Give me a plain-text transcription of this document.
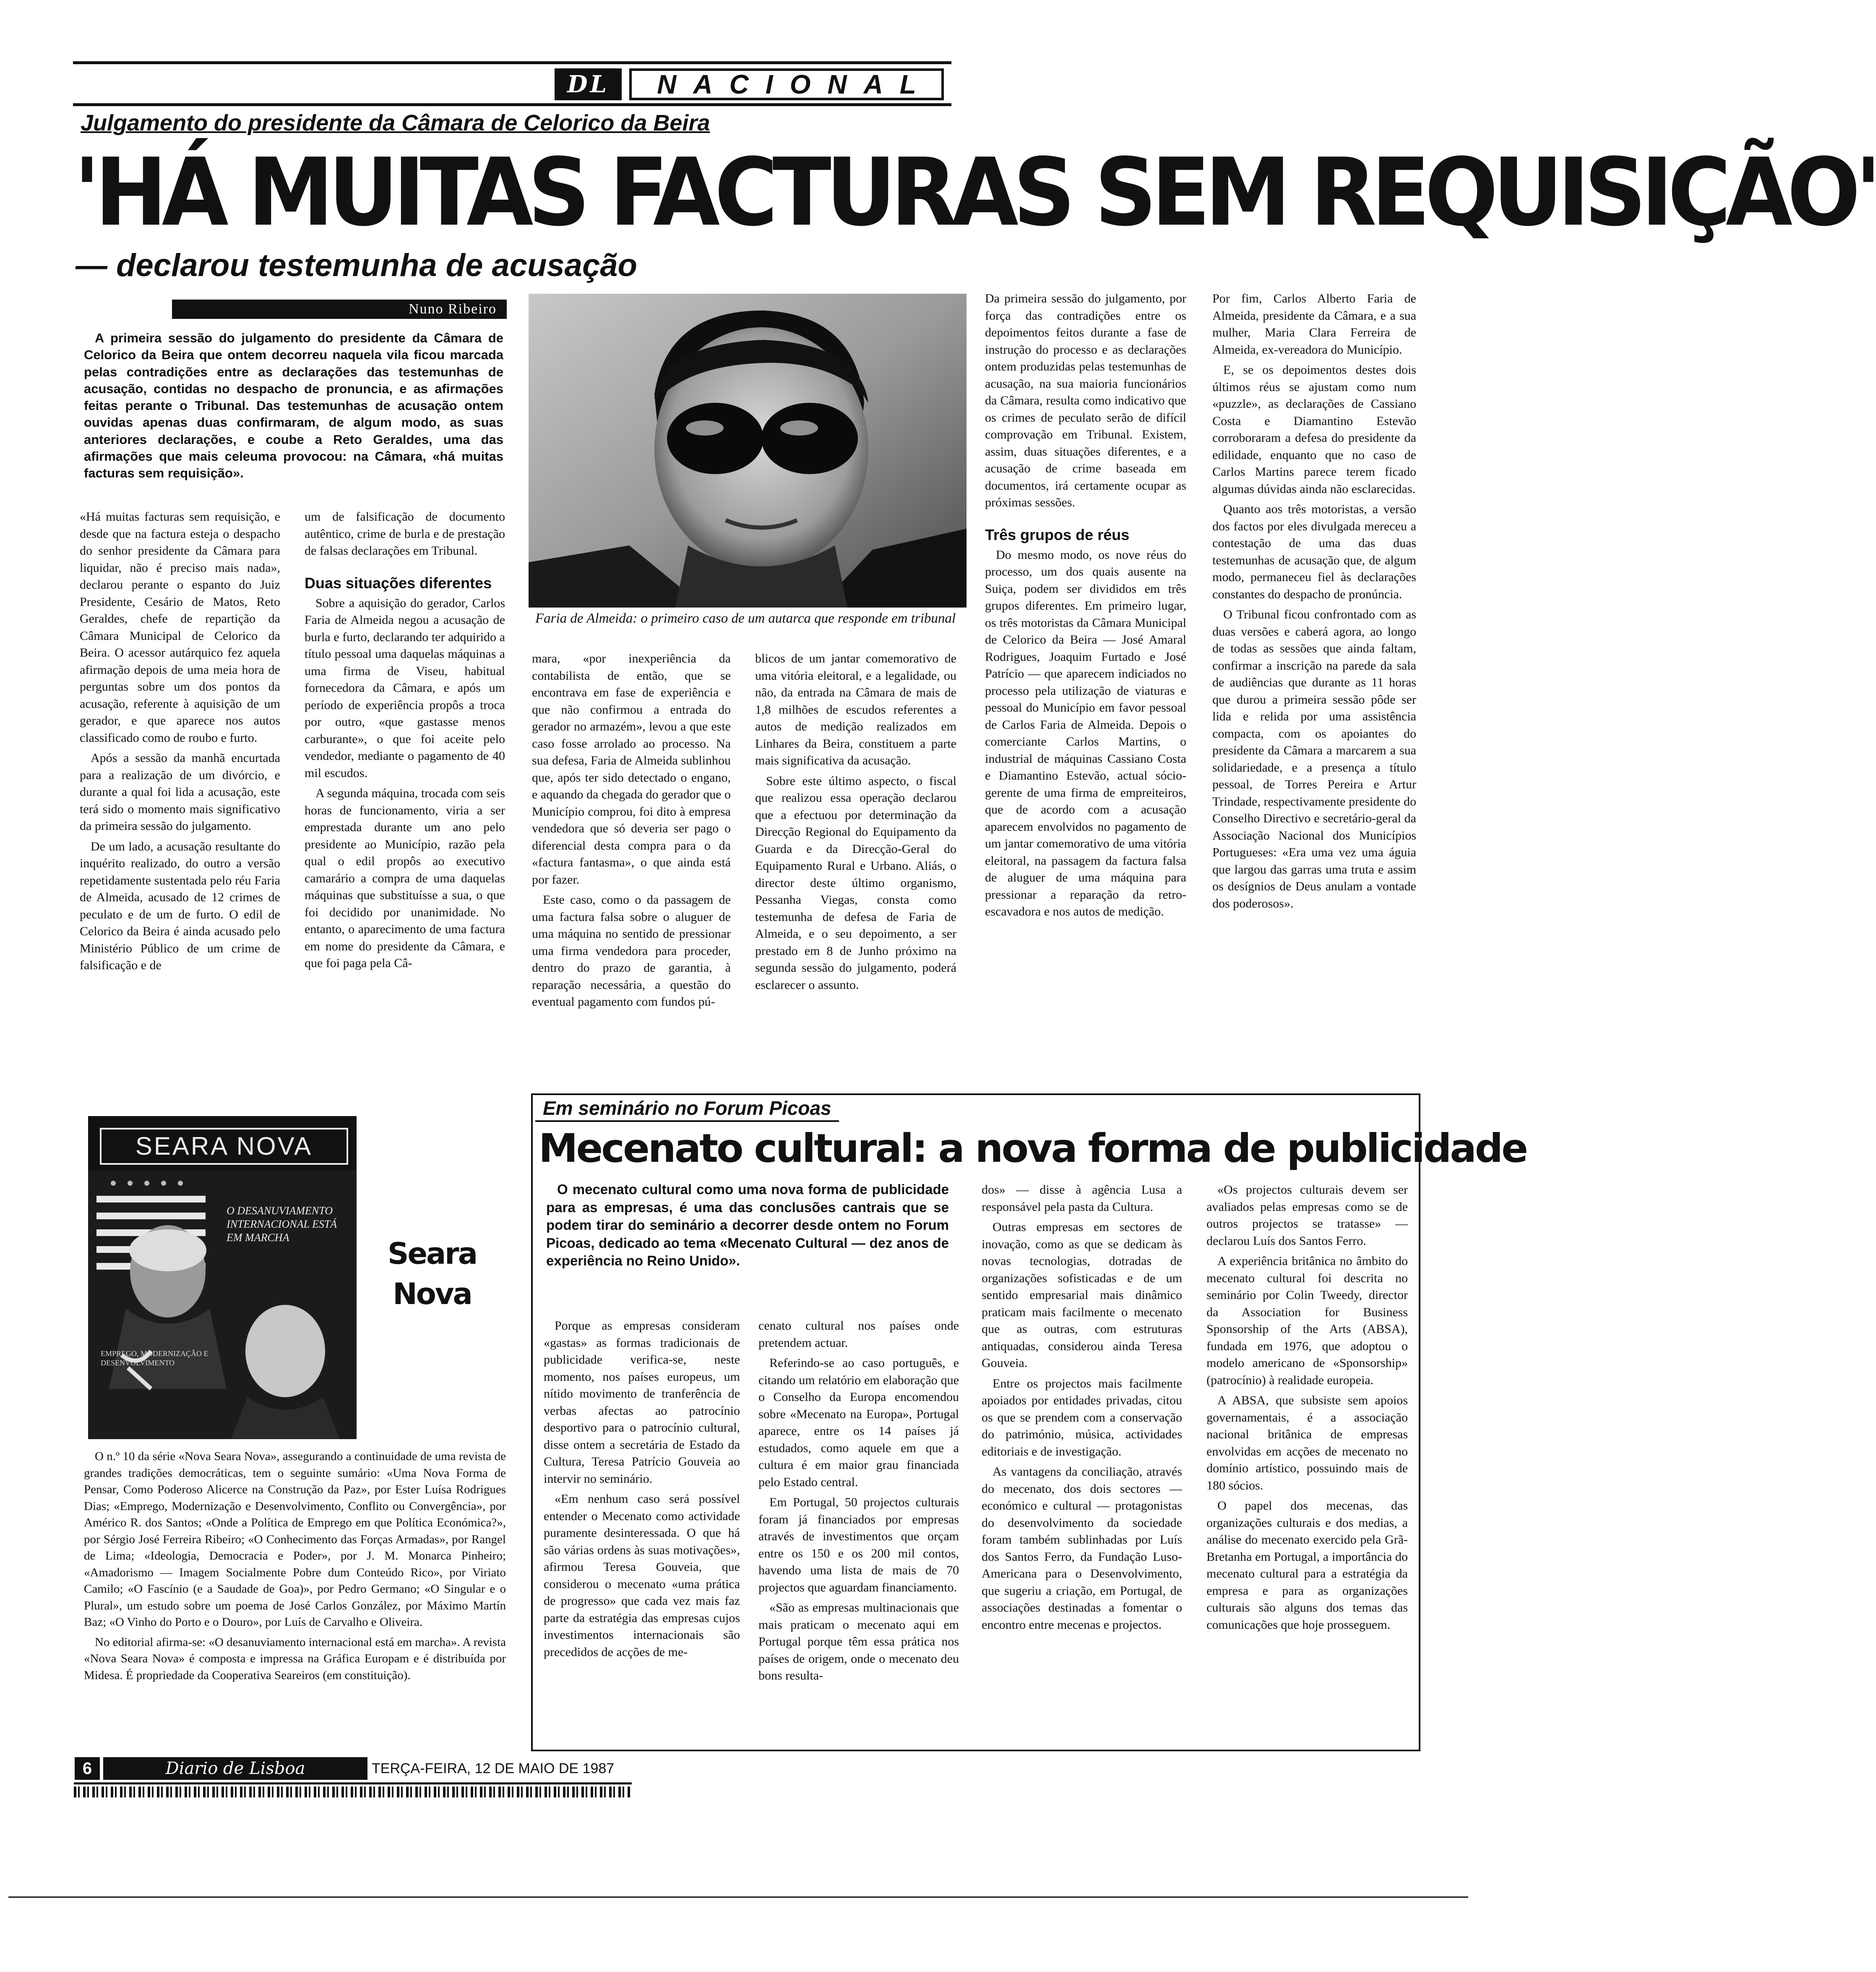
DL	NACIONAL
Julgamento do presidente da Câmara de Celorico da Beira
'HÁ MUITAS FACTURAS SEM REQUISIÇÃO'
— declarou testemunha de acusação
Nuno Ribeiro
A primeira sessão do julgamento do presidente da Câmara de Celorico da Beira que ontem decorreu naquela vila ficou marcada pelas contradições entre as declarações das testemunhas de acusação, contidas no despacho de pronuncia, e as afirmações feitas perante o Tribunal. Das testemunhas de acusação ontem ouvidas apenas duas confirmaram, de algum modo, as suas anteriores declarações, e coube a Reto Geraldes, uma das afirmações que mais celeuma provocou: na Câmara, «há muitas facturas sem requisição».
Faria de Almeida: o primeiro caso de um autarca que responde em tribunal

«Há muitas facturas sem requisição, e desde que na factura esteja o despacho do senhor presidente da Câmara para liquidar, não é preciso mais nada», declarou perante o espanto do Juiz Presidente, Cesário de Matos, Reto Geraldes, chefe de repartição da Câmara Municipal de Celorico da Beira. O acessor autárquico fez aquela afirmação depois de uma meia hora de perguntas sobre um dos pontos da acusação, referente à aquisição de um gerador, e que aparece nos autos classificado como de roubo e furto.

Após a sessão da manhã encurtada para a realização de um divórcio, e durante a qual foi lida a acusação, este terá sido o momento mais significativo da primeira sessão do julgamento.

De um lado, a acusação resultante do inquérito realizado, do outro a versão repetidamente sustentada pelo réu Faria de Almeida, acusado de 12 crimes de peculato e de um de furto. O edil de Celorico da Beira é ainda acusado pelo Ministério Público de um crime de falsificação e de

um de falsificação de documento autêntico, crime de burla e de prestação de falsas declarações em Tribunal.

Duas situações diferentes

Sobre a aquisição do gerador, Carlos Faria de Almeida negou a acusação de burla e furto, declarando ter adquirido a título pessoal uma daquelas máquinas a uma firma de Viseu, habitual fornecedora da Câmara, e após um período de experiência propôs a troca por outro, «que gastasse menos carburante», o que foi aceite pelo vendedor, mediante o pagamento de 40 mil escudos.

A segunda máquina, trocada com seis horas de funcionamento, viria a ser emprestada durante um ano pelo presidente ao Município, razão pela qual o edil propôs ao executivo camarário a compra de uma daquelas máquinas que substituísse a sua, o que foi decidido por unanimidade. No entanto, o aparecimento de uma factura em nome do presidente da Câmara, e que foi paga pela Câ-

mara, «por inexperiência da contabilista de então, que se encontrava em fase de experiência e que não confirmou a entrada do gerador no armazém», levou a que este caso fosse arrolado ao processo. Na sua defesa, Faria de Almeida sublinhou que, após ter sido detectado o engano, e aquando da chegada do gerador que o Município comprou, foi dito à empresa vendedora que só deveria ser pago o diferencial desta compra para o da «factura fantasma», o que ainda está por fazer.

Este caso, como o da passagem de uma factura falsa sobre o aluguer de uma máquina no sentido de pressionar uma firma vendedora para proceder, dentro do prazo de garantia, à reparação necessária, a questão do eventual pagamento com fundos pú-

blicos de um jantar comemorativo de uma vitória eleitoral, e a legalidade, ou não, da entrada na Câmara de mais de 1,8 milhões de escudos referentes a autos de medição realizados em Linhares da Beira, constituem a parte mais significativa da acusação.

Sobre este último aspecto, o fiscal que realizou essa operação declarou que a efectuou por determinação da Direcção Regional do Equipamento da Guarda e da Direcção-Geral do Equipamento Rural e Urbano. Aliás, o director deste último organismo, Pessanha Viegas, consta como testemunha de defesa de Faria de Almeida, e o seu depoimento, a ser prestado em 8 de Junho próximo na segunda sessão do julgamento, poderá esclarecer o assunto.

Da primeira sessão do julgamento, por força das contradições entre os depoimentos feitos durante a fase de instrução do processo e as declarações ontem produzidas pelas testemunhas de acusação, na sua maioria funcionários da Câmara, resulta como indicativo que os crimes de peculato serão de difícil comprovação em Tribunal. Existem, assim, duas situações diferentes, e a acusação de crime baseada em documentos, irá certamente ocupar as próximas sessões.

Três grupos de réus

Do mesmo modo, os nove réus do processo, um dos quais ausente na Suiça, podem ser divididos em três grupos diferentes. Em primeiro lugar, os três motoristas da Câmara Municipal de Celorico da Beira — José Amaral Rodrigues, Joaquim Furtado e José Patrício — que aparecem indiciados no processo pela utilização de viaturas e pessoal do Município em favor pessoal de Carlos Faria de Almeida. Depois o comerciante Carlos Martins, o industrial de máquinas Cassiano Costa e Diamantino Estevão, actual sócio-gerente de uma firma de empreiteiros, que de acordo com a acusação aparecem envolvidos no pagamento de um jantar comemorativo de uma vitória eleitoral, na passagem da factura falsa de aluguer de uma máquina para pressionar a reparação da retro-escavadora e nos autos de medição.

Por fim, Carlos Alberto Faria de Almeida, presidente da Câmara, e a sua mulher, Maria Clara Ferreira de Almeida, ex-vereadora do Município.

E, se os depoimentos destes dois últimos réus se ajustam como num «puzzle», as declarações de Cassiano Costa e Diamantino Estevão corroboraram a defesa do presidente da edilidade, enquanto que no caso de Carlos Martins parece terem ficado algumas dúvidas ainda não esclarecidas.

Quanto aos três motoristas, a versão dos factos por eles divulgada mereceu a contestação de uma das duas testemunhas de acusação que, de algum modo, permaneceu fiel às declarações constantes do despacho de pronúncia.

O Tribunal ficou confrontado com as duas versões e caberá agora, ao longo de todas as sessões que ainda faltam, confirmar a inscrição na parede da sala de audiências que durante as 11 horas que durou a primeira sessão pôde ser lida e relida por uma assistência compacta, com os apoiantes do presidente da Câmara a marcarem a sua solidariedade, e a presença a título pessoal, de Torres Pereira e Artur Trindade, respectivamente presidente do Conselho Directivo e secretário-geral da Associação Nacional dos Municípios Portugueses: «Era uma vez uma águia que largou das garras uma truta e assim os desígnios de Deus anulam a vontade dos poderosos».

SEARA NOVA
O DESANUVIAMENTO INTERNACIONAL ESTÁ EM MARCHA
EMPREGO, MODERNIZAÇÃO E DESENVOLVIMENTO
Seara Nova

O n.º 10 da série «Nova Seara Nova», assegurando a continuidade de uma revista de grandes tradições democráticas, tem o seguinte sumário: «Uma Nova Forma de Pensar, Como Poderoso Alicerce na Construção da Paz», por Ester Luísa Rodrigues Dias; «Emprego, Modernização e Desenvolvimento, Conflito ou Convergência», por Américo R. dos Santos; «Onde a Política de Emprego em que Política Económica?», por Sérgio José Ferreira Ribeiro; «O Conhecimento das Forças Armadas», por Rangel de Lima; «Ideologia, Democracia e Poder», por J. M. Monarca Pinheiro; «Amadorismo — Imagem Socialmente Pobre dum Conteúdo Rico», por Viriato Camilo; «O Fascínio (e a Saudade de Goa)», por Pedro Germano; «O Singular e o Plural», um estudo sobre um poema de José Carlos González, por Máximo Martín Baz; «O Vinho do Porto e o Douro», por Luís de Carvalho e Oliveira.

No editorial afirma-se: «O desanuviamento internacional está em marcha». A revista «Nova Seara Nova» é composta e impressa na Gráfica Europam e é distribuída por Midesa. É propriedade da Cooperativa Seareiros (em constituição).

Em seminário no Forum Picoas
Mecenato cultural: a nova forma de publicidade
O mecenato cultural como uma nova forma de publicidade para as empresas, é uma das conclusões cantrais que se podem tirar do seminário a decorrer desde ontem no Forum Picoas, dedicado ao tema «Mecenato Cultural — dez anos de experiência no Reino Unido».

Porque as empresas consideram «gastas» as formas tradicionais de publicidade verifica-se, neste momento, nos países europeus, um nítido movimento de tranferência de verbas afectas ao patrocínio desportivo para o patrocínio cultural, disse ontem a secretária de Estado da Cultura, Teresa Patrício Gouveia ao intervir no seminário.

«Em nenhum caso será possível entender o Mecenato como actividade puramente desinteressada. O que há são várias ordens às suas motivações», afirmou Teresa Gouveia, que considerou o mecenato «uma prática de progresso» que cada vez mais faz parte da estratégia das empresas cujos investimentos internacionais são precedidos de acções de me-

cenato cultural nos países onde pretendem actuar.

Referindo-se ao caso português, e citando um relatório em elaboração que o Conselho da Europa encomendou sobre «Mecenato na Europa», Portugal aparece, entre os 14 países já estudados, como aquele em que a cultura é em maior grau financiada pelo Estado central.

Em Portugal, 50 projectos culturais foram já financiados por empresas através de investimentos que orçam entre os 150 e os 200 mil contos, havendo uma lista de mais de 70 projectos que aguardam financiamento.

«São as empresas multinacionais que mais praticam o mecenato aqui em Portugal porque têm essa prática nos países de origem, onde o mecenato deu bons resulta-

dos» — disse à agência Lusa a responsável pela pasta da Cultura.

Outras empresas em sectores de inovação, como as que se dedicam às novas tecnologias, dotradas de organizações sofisticadas e de um sentido empresarial mais dinâmico praticam mais facilmente o mecenato que as outras, com estruturas antiquadas, considerou ainda Teresa Gouveia.

Entre os projectos mais facilmente apoiados por entidades privadas, citou os que se prendem com a conservação do património, música, actividades editoriais e de investigação.

As vantagens da conciliação, através do mecenato, dos dois sectores — económico e cultural — protagonistas do desenvolvimento da sociedade foram também sublinhadas por Luís dos Santos Ferro, da Fundação Luso-Americana para o Desenvolvimento, que sugeriu a criação, em Portugal, de associações destinadas a fomentar o encontro entre mecenas e projectos.

«Os projectos culturais devem ser avaliados pelas empresas como se de outros projectos se tratasse» — declarou Luís dos Santos Ferro.

A experiência britânica no âmbito do mecenato cultural foi descrita no seminário por Colin Tweedy, director da Association for Business Sponsorship of the Arts (ABSA), fundada em 1976, que adoptou o modelo americano de «Sponsorship» (patrocínio) à realidade europeia.

A ABSA, que subsiste sem apoios governamentais, é a associação nacional britânica de empresas envolvidas em acções de mecenato no domínio artístico, possuindo mais de 180 sócios.

O papel dos mecenas, das organizações culturais e dos medias, a análise do mecenato exercido pela Grã-Bretanha em Portugal, a importância do mecenato cultural para a estratégia da empresa e para as organizações culturais são alguns dos temas das comunicações que hoje prosseguem.

6	Diario de Lisboa	TERÇA-FEIRA, 12 DE MAIO DE 1987
